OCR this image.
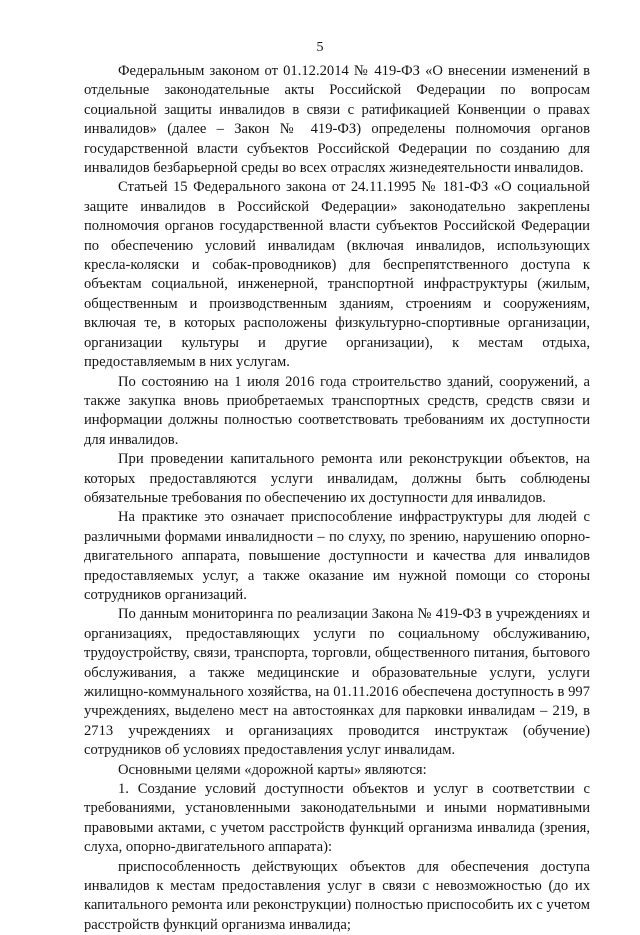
5

Федеральным законом от 01.12.2014 № 419-ФЗ «О внесении изменений в отдельные законодательные акты Российской Федерации по вопросам социальной защиты инвалидов в связи с ратификацией Конвенции о правах инвалидов» (далее – Закон № 419-ФЗ) определены полномочия органов государственной власти субъектов Российской Федерации по созданию для инвалидов безбарьерной среды во всех отраслях жизнедеятельности инвалидов.

Статьей 15 Федерального закона от 24.11.1995 № 181-ФЗ «О социальной защите инвалидов в Российской Федерации» законодательно закреплены полномочия органов государственной власти субъектов Российской Федерации по обеспечению условий инвалидам (включая инвалидов, использующих кресла-коляски и собак-проводников) для беспрепятственного доступа к объектам социальной, инженерной, транспортной инфраструктуры (жилым, общественным и производственным зданиям, строениям и сооружениям, включая те, в которых расположены физкультурно-спортивные организации, организации культуры и другие организации), к местам отдыха, предоставляемым в них услугам.

По состоянию на 1 июля 2016 года строительство зданий, сооружений, а также закупка вновь приобретаемых транспортных средств, средств связи и информации должны полностью соответствовать требованиям их доступности для инвалидов.

При проведении капитального ремонта или реконструкции объектов, на которых предоставляются услуги инвалидам, должны быть соблюдены обязательные требования по обеспечению их доступности для инвалидов.

На практике это означает приспособление инфраструктуры для людей с различными формами инвалидности – по слуху, по зрению, нарушению опорно-двигательного аппарата, повышение доступности и качества для инвалидов предоставляемых услуг, а также оказание им нужной помощи со стороны сотрудников организаций.

По данным мониторинга по реализации Закона № 419-ФЗ в учреждениях и организациях, предоставляющих услуги по социальному обслуживанию, трудоустройству, связи, транспорта, торговли, общественного питания, бытового обслуживания, а также медицинские и образовательные услуги, услуги жилищно-коммунального хозяйства, на 01.11.2016 обеспечена доступность в 997 учреждениях, выделено мест на автостоянках для парковки инвалидам – 219, в 2713 учреждениях и организациях проводится инструктаж (обучение) сотрудников об условиях предоставления услуг инвалидам.

Основными целями «дорожной карты» являются:

1. Создание условий доступности объектов и услуг в соответствии с требованиями, установленными законодательными и иными нормативными правовыми актами, с учетом расстройств функций организма инвалида (зрения, слуха, опорно-двигательного аппарата):

приспособленность действующих объектов для обеспечения доступа инвалидов к местам предоставления услуг в связи с невозможностью (до их капитального ремонта или реконструкции) полностью приспособить их с учетом расстройств функций организма инвалида;
